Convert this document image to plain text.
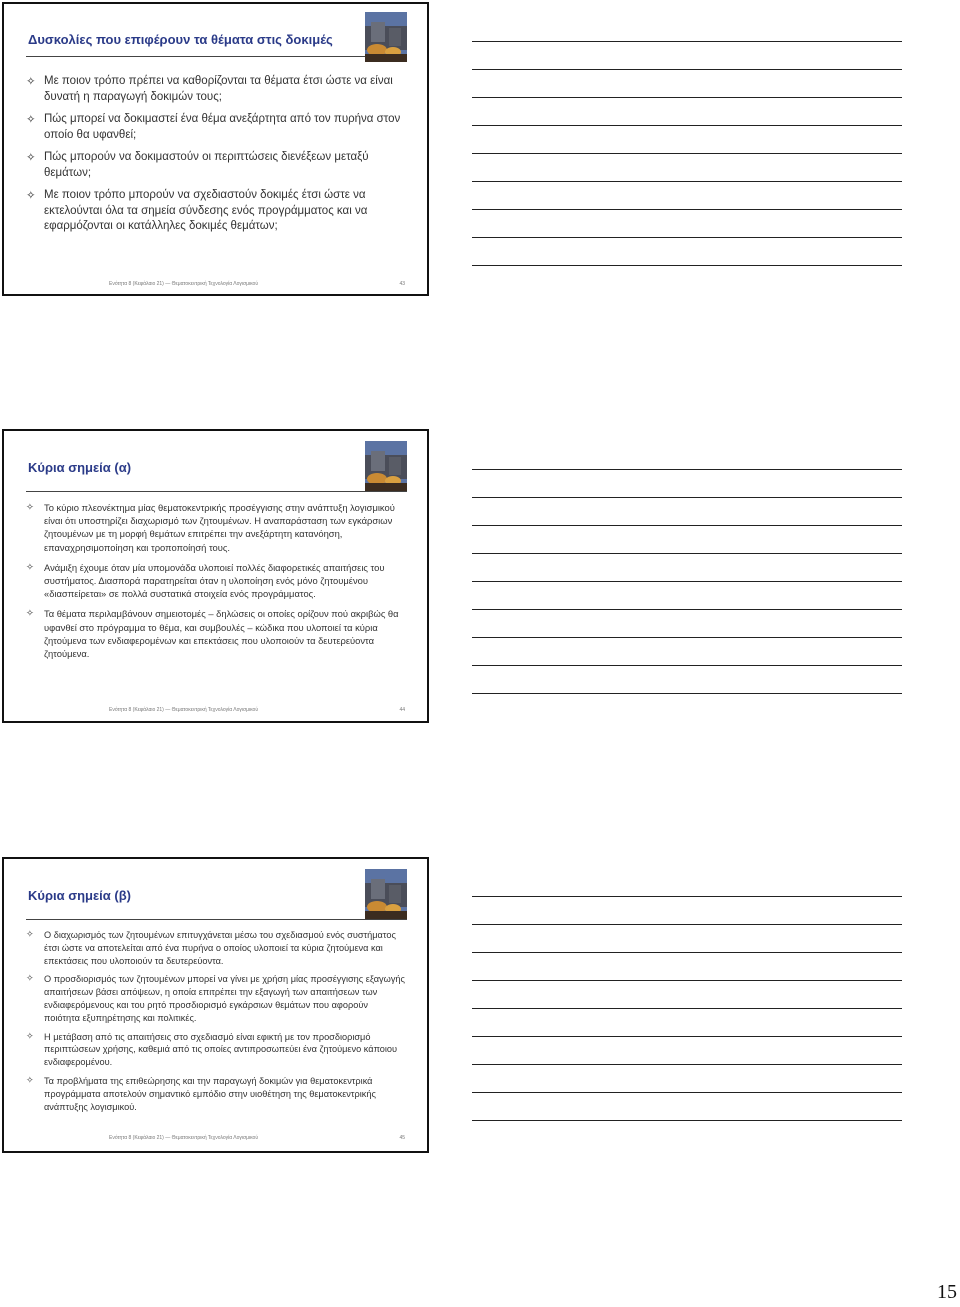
Δυσκολίες που επιφέρουν τα θέματα στις δοκιμές
✧ Με ποιον τρόπο πρέπει να καθορίζονται τα θέματα έτσι ώστε να είναι δυνατή η παραγωγή δοκιμών τους;
✧ Πώς μπορεί να δοκιμαστεί ένα θέμα ανεξάρτητα από τον πυρήνα στον οποίο θα υφανθεί;
✧ Πώς μπορούν να δοκιμαστούν οι περιπτώσεις διενέξεων μεταξύ θεμάτων;
✧ Με ποιον τρόπο μπορούν να σχεδιαστούν δοκιμές έτσι ώστε να εκτελούνται όλα τα σημεία σύνδεσης ενός προγράμματος και να εφαρμόζονται οι κατάλληλες δοκιμές θεμάτων;
Ενότητα 8 (Κεφάλαιο 21) — Θεματοκεντρική Τεχνολογία Λογισμικού	43
Κύρια σημεία (α)
✧ Το κύριο πλεονέκτημα μίας θεματοκεντρικής προσέγγισης στην ανάπτυξη λογισμικού είναι ότι υποστηρίζει διαχωρισμό των ζητουμένων. Η αναπαράσταση των εγκάρσιων ζητουμένων με τη μορφή θεμάτων επιτρέπει την ανεξάρτητη κατανόηση, επαναχρησιμοποίηση και τροποποίησή τους.
✧ Ανάμιξη έχουμε όταν μία υπομονάδα υλοποιεί πολλές διαφορετικές απαιτήσεις του συστήματος. Διασπορά παρατηρείται όταν η υλοποίηση ενός μόνο ζητουμένου «διασπείρεται» σε πολλά συστατικά στοιχεία ενός προγράμματος.
✧ Τα θέματα περιλαμβάνουν σημειοτομές – δηλώσεις οι οποίες ορίζουν πού ακριβώς θα υφανθεί στο πρόγραμμα το θέμα, και συμβουλές – κώδικα που υλοποιεί τα κύρια ζητούμενα των ενδιαφερομένων και επεκτάσεις που υλοποιούν τα δευτερεύοντα ζητούμενα.
Ενότητα 8 (Κεφάλαιο 21) — Θεματοκεντρική Τεχνολογία Λογισμικού	44
Κύρια σημεία (β)
✧ Ο διαχωρισμός των ζητουμένων επιτυγχάνεται μέσω του σχεδιασμού ενός συστήματος έτσι ώστε να αποτελείται από ένα πυρήνα ο οποίος υλοποιεί τα κύρια ζητούμενα και επεκτάσεις που υλοποιούν τα δευτερεύοντα.
✧ Ο προσδιορισμός των ζητουμένων μπορεί να γίνει με χρήση μίας προσέγγισης εξαγωγής απαιτήσεων βάσει απόψεων, η οποία επιτρέπει την εξαγωγή των απαιτήσεων των ενδιαφερόμενους και του ρητό προσδιορισμό εγκάρσιων θεμάτων που αφορούν ποιότητα εξυπηρέτησης και πολιτικές.
✧ Η μετάβαση από τις απαιτήσεις στο σχεδιασμό είναι εφικτή με τον προσδιορισμό περιπτώσεων χρήσης, καθεμιά από τις οποίες αντιπροσωπεύει ένα ζητούμενο κάποιου ενδιαφερομένου.
✧ Τα προβλήματα της επιθεώρησης και την παραγωγή δοκιμών για θεματοκεντρικά προγράμματα αποτελούν σημαντικό εμπόδιο στην υιοθέτηση της θεματοκεντρικής ανάπτυξης λογισμικού.
Ενότητα 8 (Κεφάλαιο 21) — Θεματοκεντρική Τεχνολογία Λογισμικού	45
15
